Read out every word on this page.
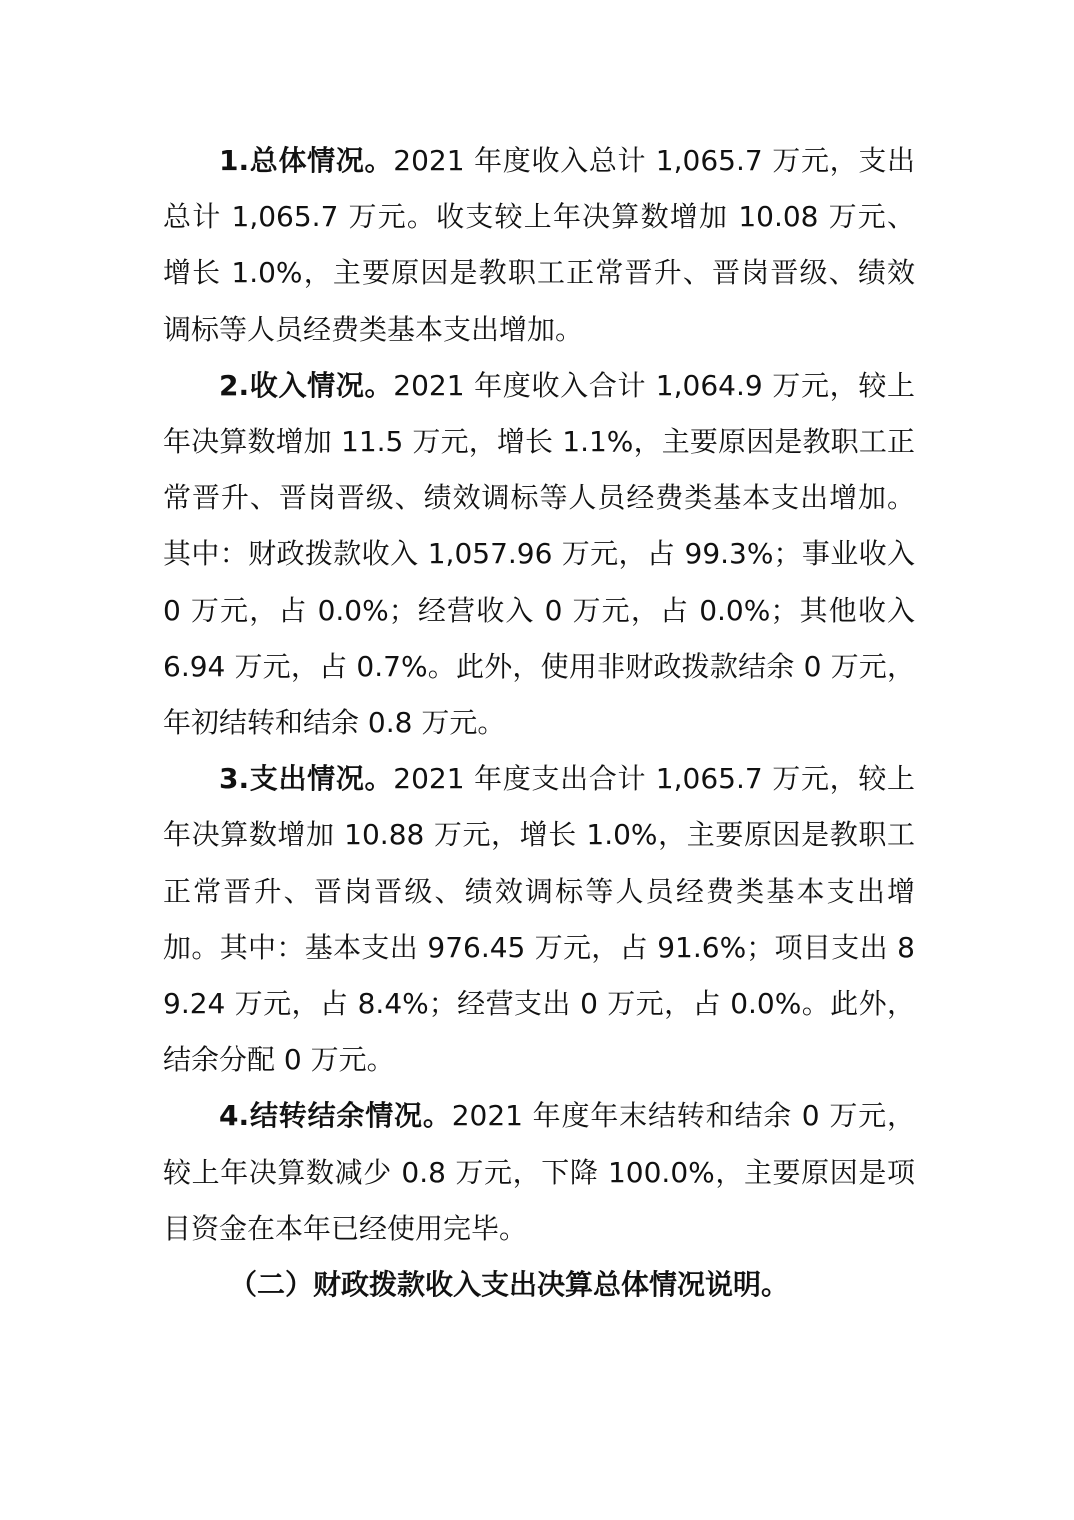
1.总体情况。2021 年度收入总计 1,065.7 万元，支出总计 1,065.7 万元。收支较上年决算数增加 10.08 万元、增长 1.0%，主要原因是教职工正常晋升、晋岗晋级、绩效调标等人员经费类基本支出增加。

2.收入情况。2021 年度收入合计 1,064.9 万元，较上年决算数增加 11.5 万元，增长 1.1%，主要原因是教职工正常晋升、晋岗晋级、绩效调标等人员经费类基本支出增加。其中：财政拨款收入 1,057.96 万元，占 99.3%；事业收入 0 万元，占 0.0%；经营收入 0 万元，占 0.0%；其他收入 6.94 万元，占 0.7%。此外，使用非财政拨款结余 0 万元，年初结转和结余 0.8 万元。

3.支出情况。2021 年度支出合计 1,065.7 万元，较上年决算数增加 10.88 万元，增长 1.0%，主要原因是教职工正常晋升、晋岗晋级、绩效调标等人员经费类基本支出增加。其中：基本支出 976.45 万元，占 91.6%；项目支出 89.24 万元，占 8.4%；经营支出 0 万元，占 0.0%。此外，结余分配 0 万元。

4.结转结余情况。2021 年度年末结转和结余 0 万元，较上年决算数减少 0.8 万元，下降 100.0%，主要原因是项目资金在本年已经使用完毕。

（二）财政拨款收入支出决算总体情况说明。
